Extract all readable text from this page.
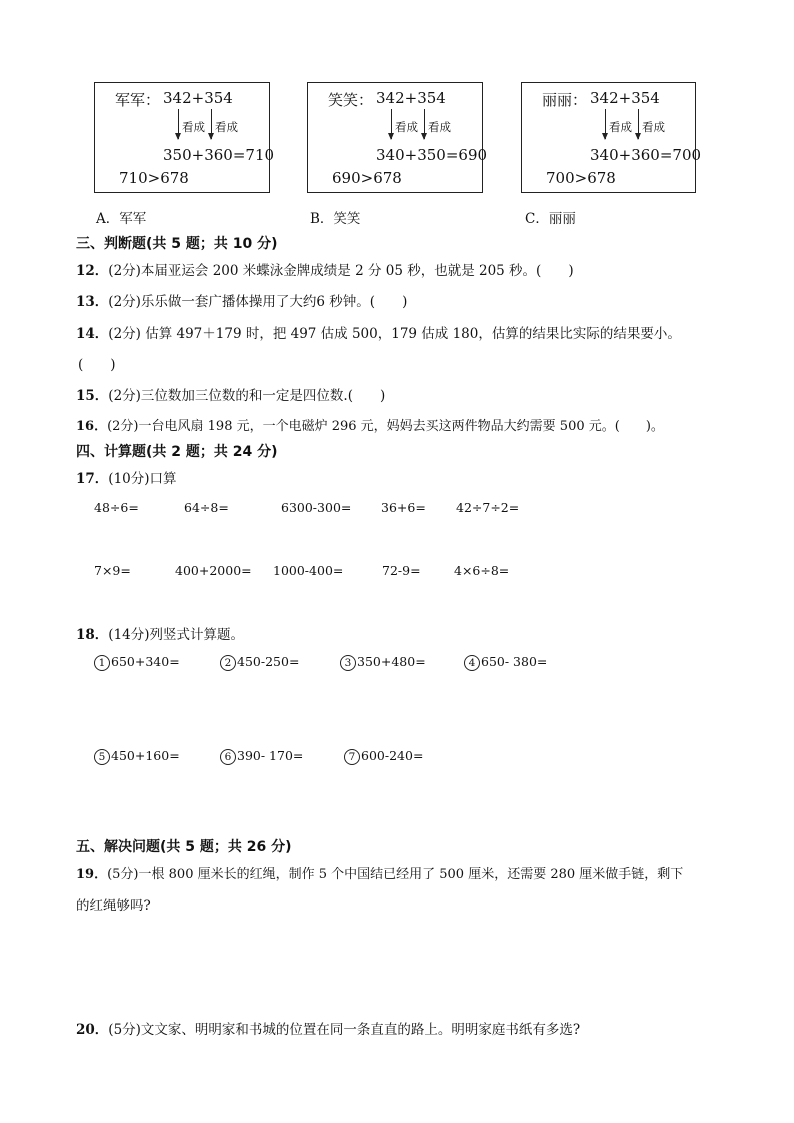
军军： 342+354
看成 看成
350+360=710
710>678
笑笑： 342+354
看成 看成
340+350=690
690>678
丽丽： 342+354
看成 看成
340+360=700
700>678
A．军军	B．笑笑	C．丽丽
三、判断题(共 5 题；共 10 分)
12．(2分)本届亚运会 200 米蝶泳金牌成绩是 2 分 05 秒，也就是 205 秒。(　　)
13．(2分)乐乐做一套广播体操用了大约6 秒钟。(　　)
14．(2分) 估算 497＋179 时，把 497 估成 500，179 估成 180，估算的结果比实际的结果要小。
(　　)
15．(2分)三位数加三位数的和一定是四位数.(　　)
16．(2分)一台电风扇 198 元，一个电磁炉 296 元，妈妈去买这两件物品大约需要 500 元。(　　)。
四、计算题(共 2 题；共 24 分)
17．(10分)口算
48÷6=	64÷8=	6300-300= 36+6= 42÷7÷2=
7×9=	400+2000= 1000-400=	72-9=	4×6÷8=
18．(14分)列竖式计算题。
1 650+340=	2 450-250=	3 350+480=	4 650- 380=
5 450+160=	6 390- 170=	7 600-240=
五、解决问题(共 5 题；共 26 分)
19．(5分)一根 800 厘米长的红绳，制作 5 个中国结已经用了 500 厘米，还需要 280 厘米做手链，剩下
的红绳够吗?
20．(5分)文文家、明明家和书城的位置在同一条直直的路上。明明家庭书纸有多选?
